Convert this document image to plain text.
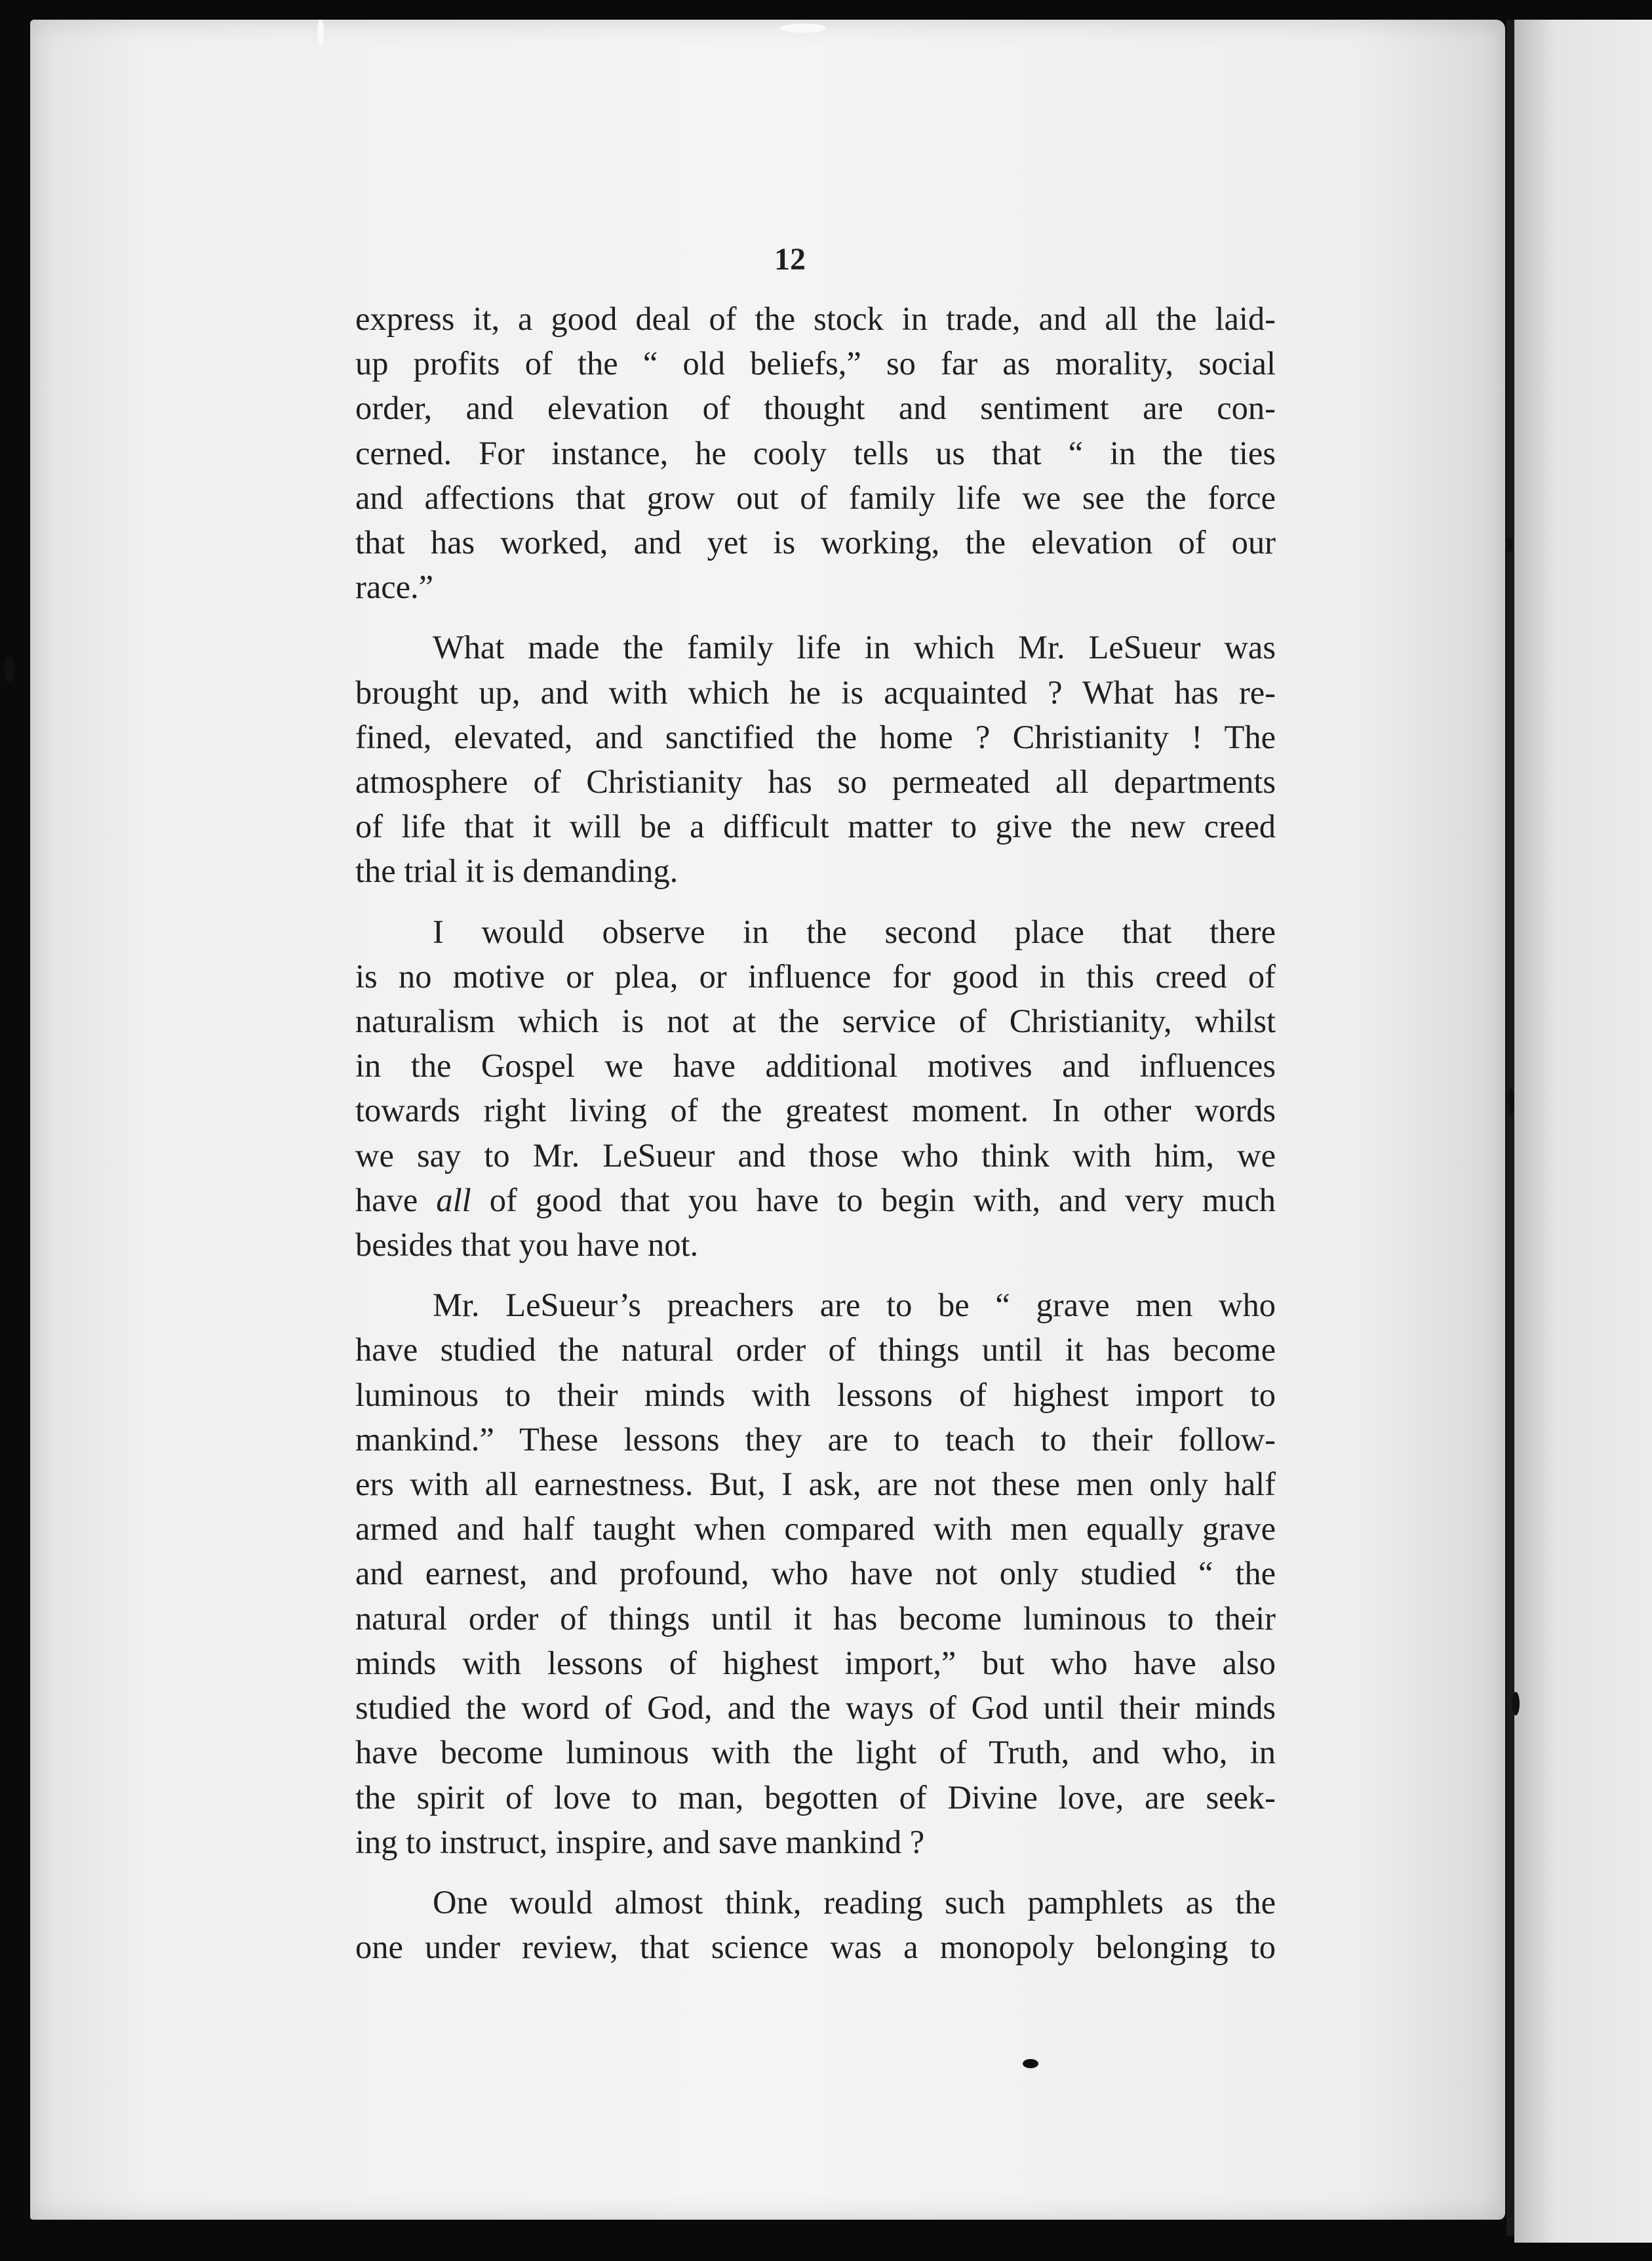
12
express it, a good deal of the stock in trade, and all the laid-
up profits of the “ old beliefs,” so far as morality, social
order, and elevation of thought and sentiment are con-
cerned. For instance, he cooly tells us that “ in the ties
and affections that grow out of family life we see the force
that has worked, and yet is working, the elevation of our
race.”
What made the family life in which Mr. LeSueur was
brought up, and with which he is acquainted ? What has re-
fined, elevated, and sanctified the home ? Christianity ! The
atmosphere of Christianity has so permeated all departments
of life that it will be a difficult matter to give the new creed
the trial it is demanding.
I would observe in the second place that there
is no motive or plea, or influence for good in this creed of
naturalism which is not at the service of Christianity, whilst
in the Gospel we have additional motives and influences
towards right living of the greatest moment. In other words
we say to Mr. LeSueur and those who think with him, we
have all of good that you have to begin with, and very much
besides that you have not.
Mr. LeSueur’s preachers are to be “ grave men who
have studied the natural order of things until it has become
luminous to their minds with lessons of highest import to
mankind.” These lessons they are to teach to their follow-
ers with all earnestness. But, I ask, are not these men only half
armed and half taught when compared with men equally grave
and earnest, and profound, who have not only studied “ the
natural order of things until it has become luminous to their
minds with lessons of highest import,” but who have also
studied the word of God, and the ways of God until their minds
have become luminous with the light of Truth, and who, in
the spirit of love to man, begotten of Divine love, are seek-
ing to instruct, inspire, and save mankind ?
One would almost think, reading such pamphlets as the
one under review, that science was a monopoly belonging to
